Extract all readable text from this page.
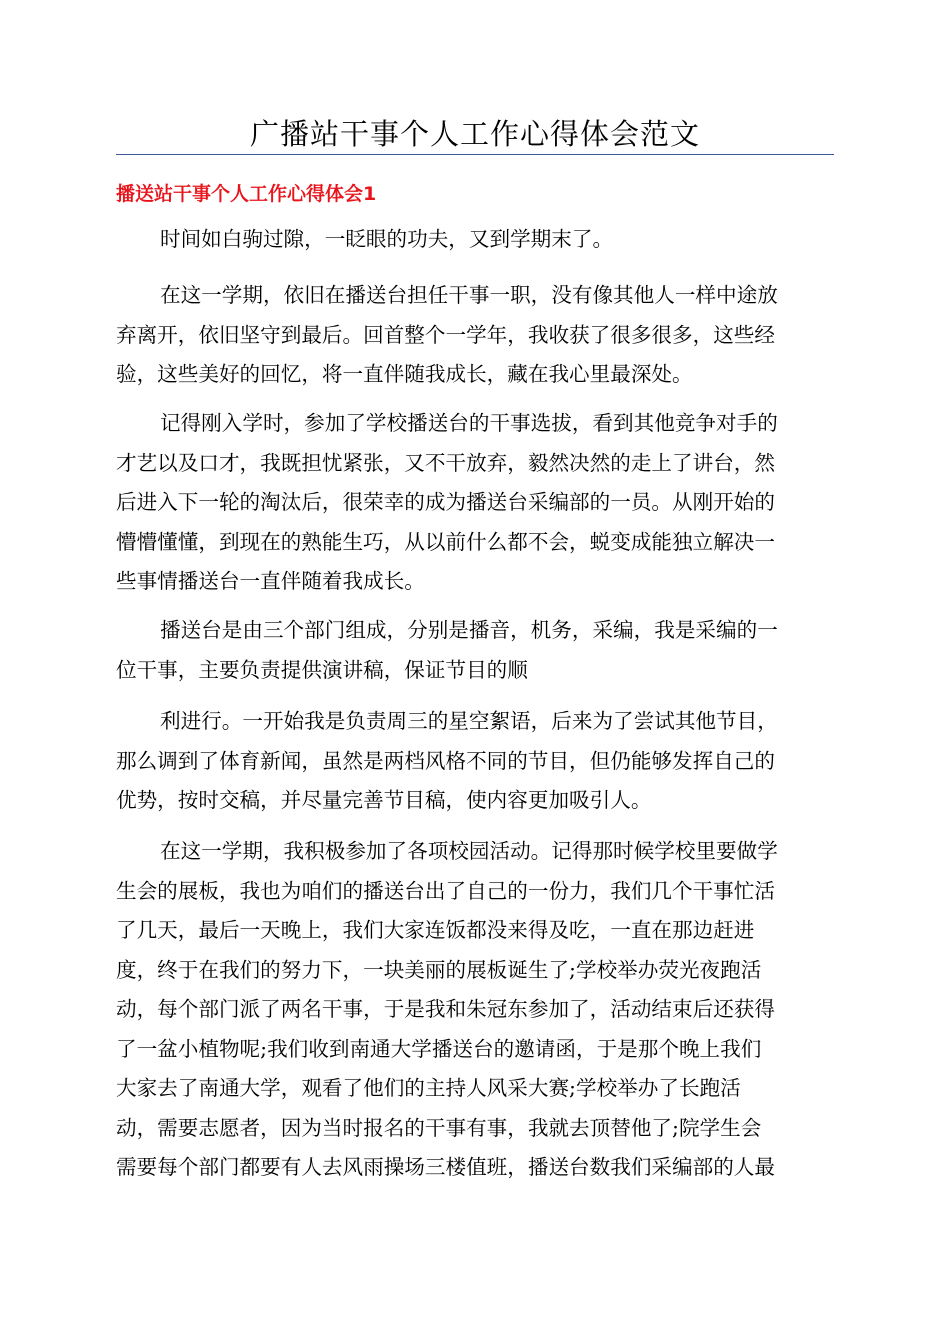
广播站干事个人工作心得体会范文
播送站干事个人工作心得体会1
时间如白驹过隙，一眨眼的功夫，又到学期末了。
在这一学期，依旧在播送台担任干事一职，没有像其他人一样中途放
弃离开，依旧坚守到最后。回首整个一学年，我收获了很多很多，这些经
验，这些美好的回忆，将一直伴随我成长，藏在我心里最深处。
记得刚入学时，参加了学校播送台的干事选拔，看到其他竞争对手的
才艺以及口才，我既担忧紧张，又不干放弃，毅然决然的走上了讲台，然
后进入下一轮的淘汰后，很荣幸的成为播送台采编部的一员。从刚开始的
懵懵懂懂，到现在的熟能生巧，从以前什么都不会，蜕变成能独立解决一
些事情播送台一直伴随着我成长。
播送台是由三个部门组成，分别是播音，机务，采编，我是采编的一
位干事，主要负责提供演讲稿，保证节目的顺
利进行。一开始我是负责周三的星空絮语，后来为了尝试其他节目，
那么调到了体育新闻，虽然是两档风格不同的节目，但仍能够发挥自己的
优势，按时交稿，并尽量完善节目稿，使内容更加吸引人。
在这一学期，我积极参加了各项校园活动。记得那时候学校里要做学
生会的展板，我也为咱们的播送台出了自己的一份力，我们几个干事忙活
了几天，最后一天晚上，我们大家连饭都没来得及吃，一直在那边赶进
度，终于在我们的努力下，一块美丽的展板诞生了;学校举办荧光夜跑活
动，每个部门派了两名干事，于是我和朱冠东参加了，活动结束后还获得
了一盆小植物呢;我们收到南通大学播送台的邀请函，于是那个晚上我们
大家去了南通大学，观看了他们的主持人风采大赛;学校举办了长跑活
动，需要志愿者，因为当时报名的干事有事，我就去顶替他了;院学生会
需要每个部门都要有人去风雨操场三楼值班，播送台数我们采编部的人最
